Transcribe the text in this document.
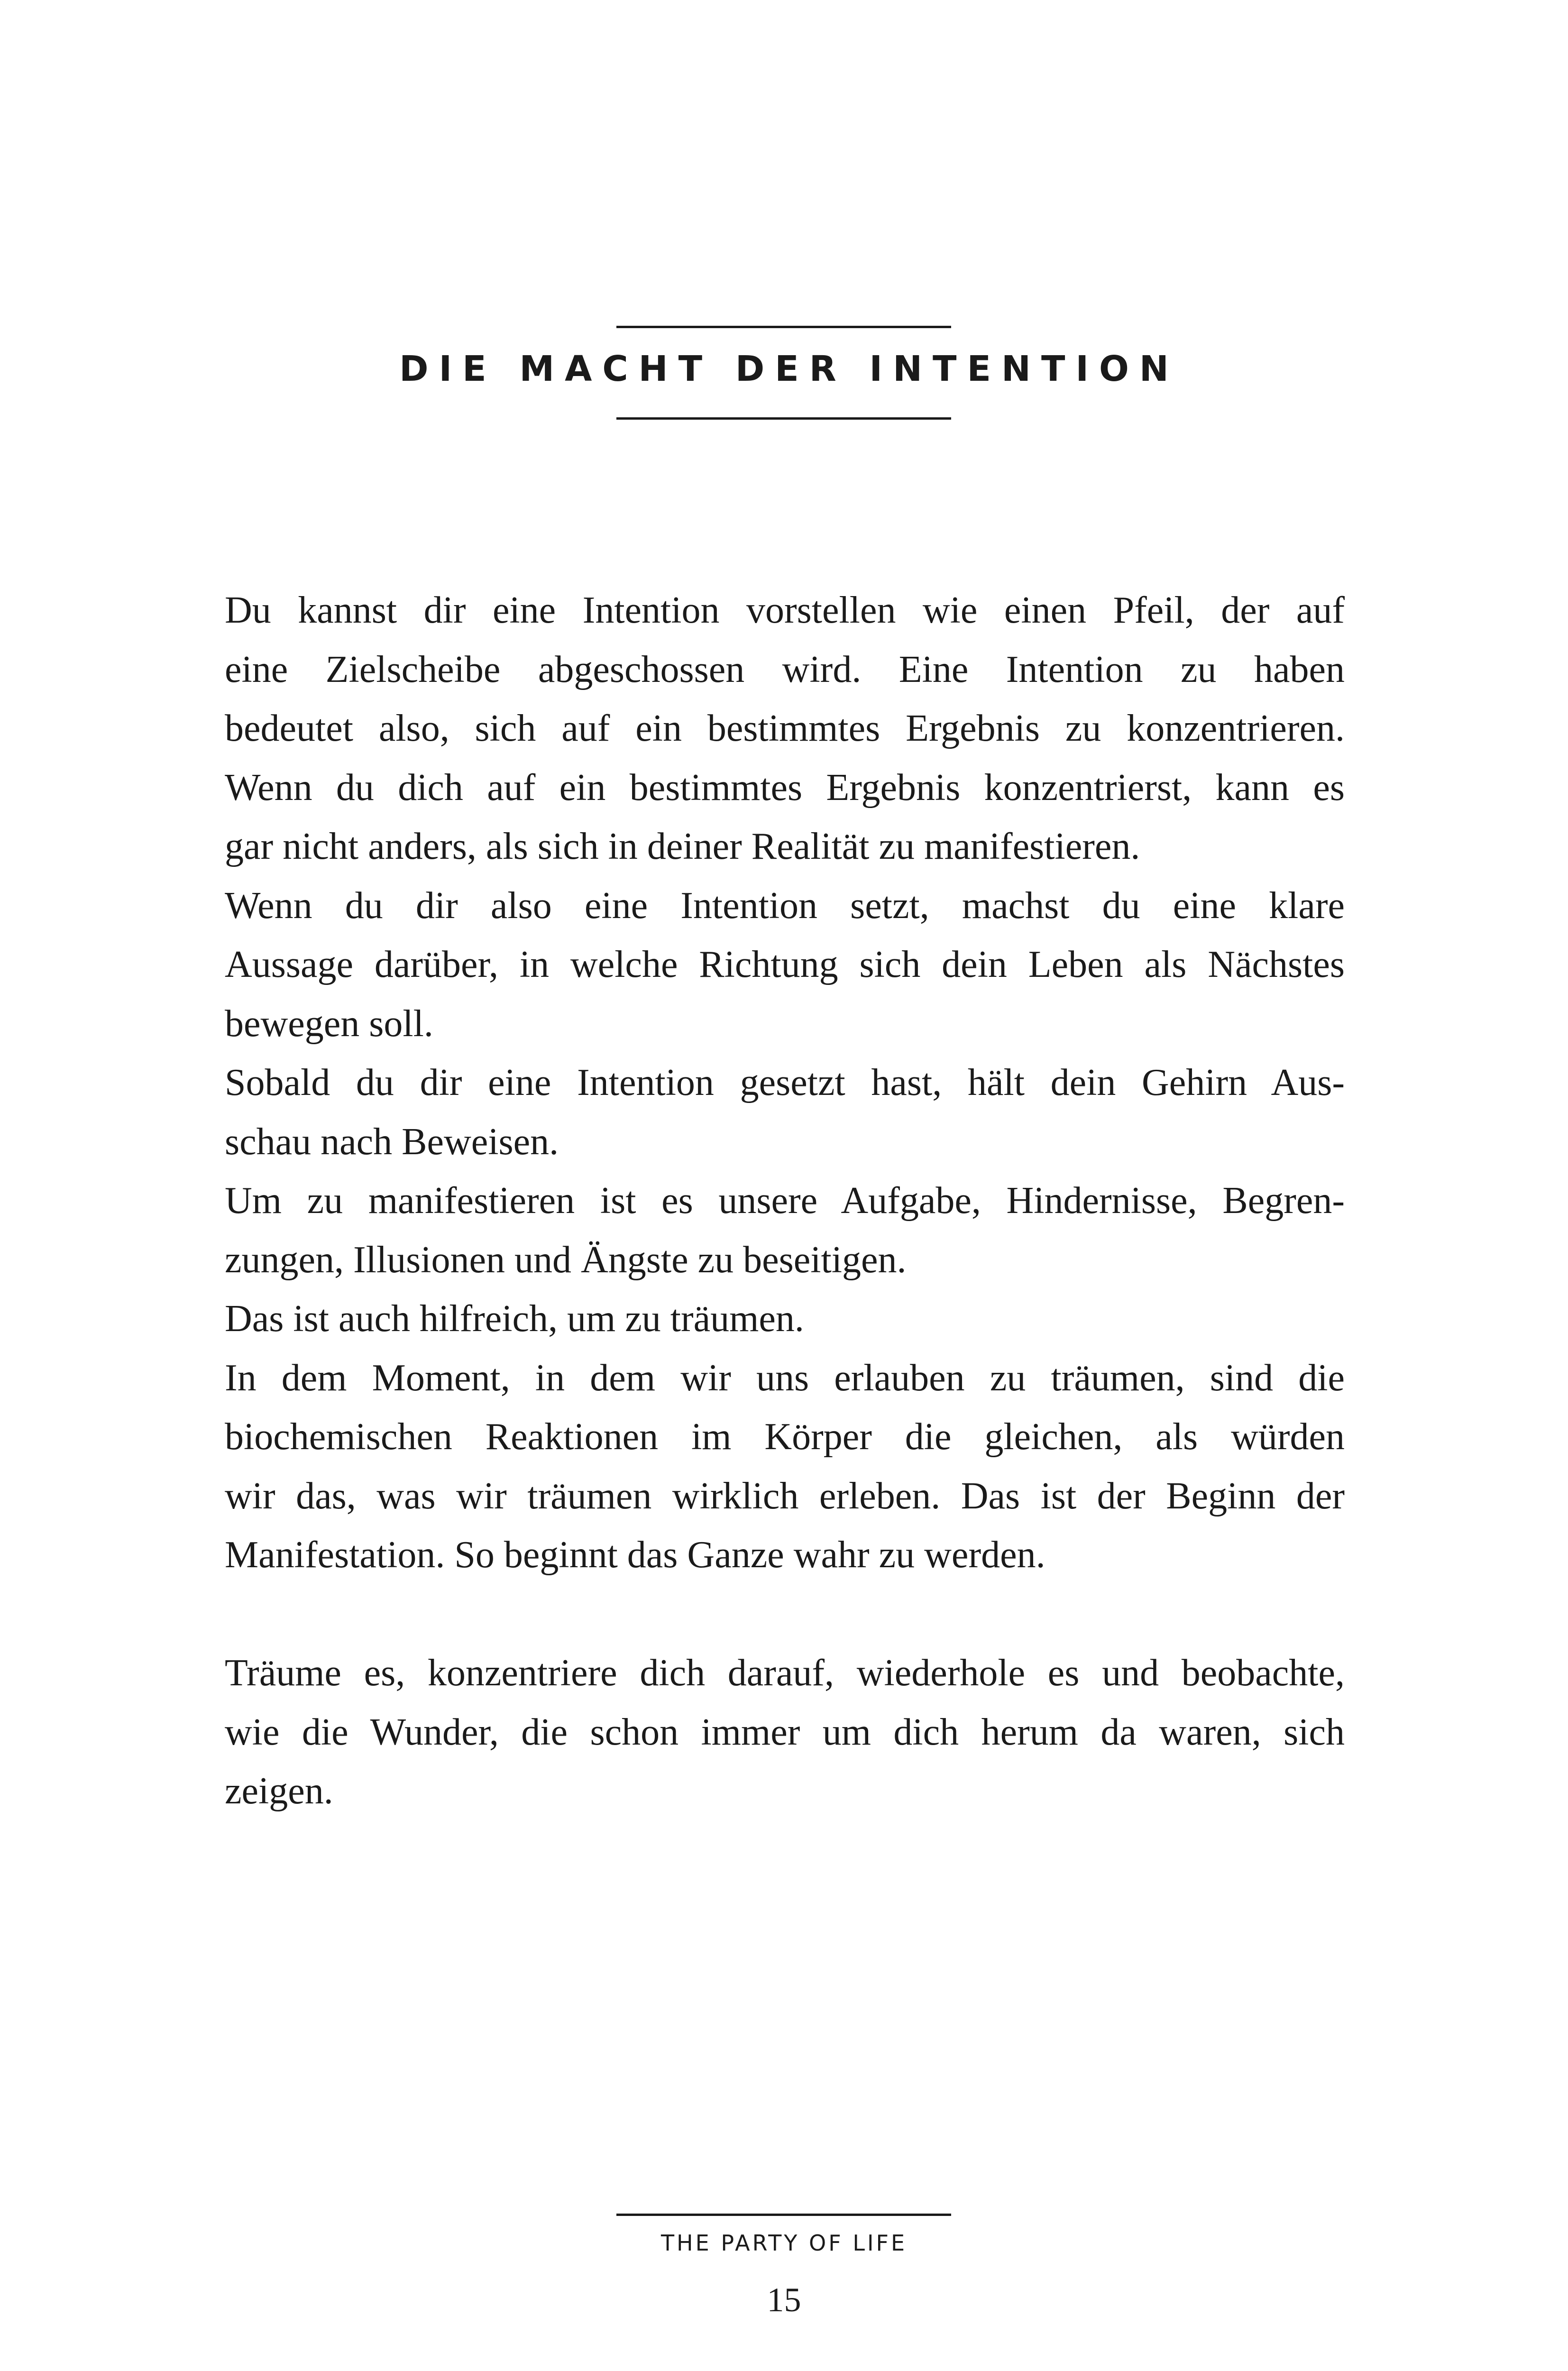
DIE MACHT DER INTENTION
Du kannst dir eine Intention vorstellen wie einen Pfeil, der auf
eine Zielscheibe abgeschossen wird. Eine Intention zu haben
bedeutet also, sich auf ein bestimmtes Ergebnis zu konzentrieren.
Wenn du dich auf ein bestimmtes Ergebnis konzentrierst, kann es
gar nicht anders, als sich in deiner Realität zu manifestieren.
Wenn du dir also eine Intention setzt, machst du eine klare
Aussage darüber, in welche Richtung sich dein Leben als Nächstes
bewegen soll.
Sobald du dir eine Intention gesetzt hast, hält dein Gehirn Aus-
schau nach Beweisen.
Um zu manifestieren ist es unsere Aufgabe, Hindernisse, Begren-
zungen, Illusionen und Ängste zu beseitigen.
Das ist auch hilfreich, um zu träumen.
In dem Moment, in dem wir uns erlauben zu träumen, sind die
biochemischen Reaktionen im Körper die gleichen, als würden
wir das, was wir träumen wirklich erleben. Das ist der Beginn der
Manifestation. So beginnt das Ganze wahr zu werden.
Träume es, konzentriere dich darauf, wiederhole es und beobachte,
wie die Wunder, die schon immer um dich herum da waren, sich
zeigen.

THE PARTY OF LIFE

15
